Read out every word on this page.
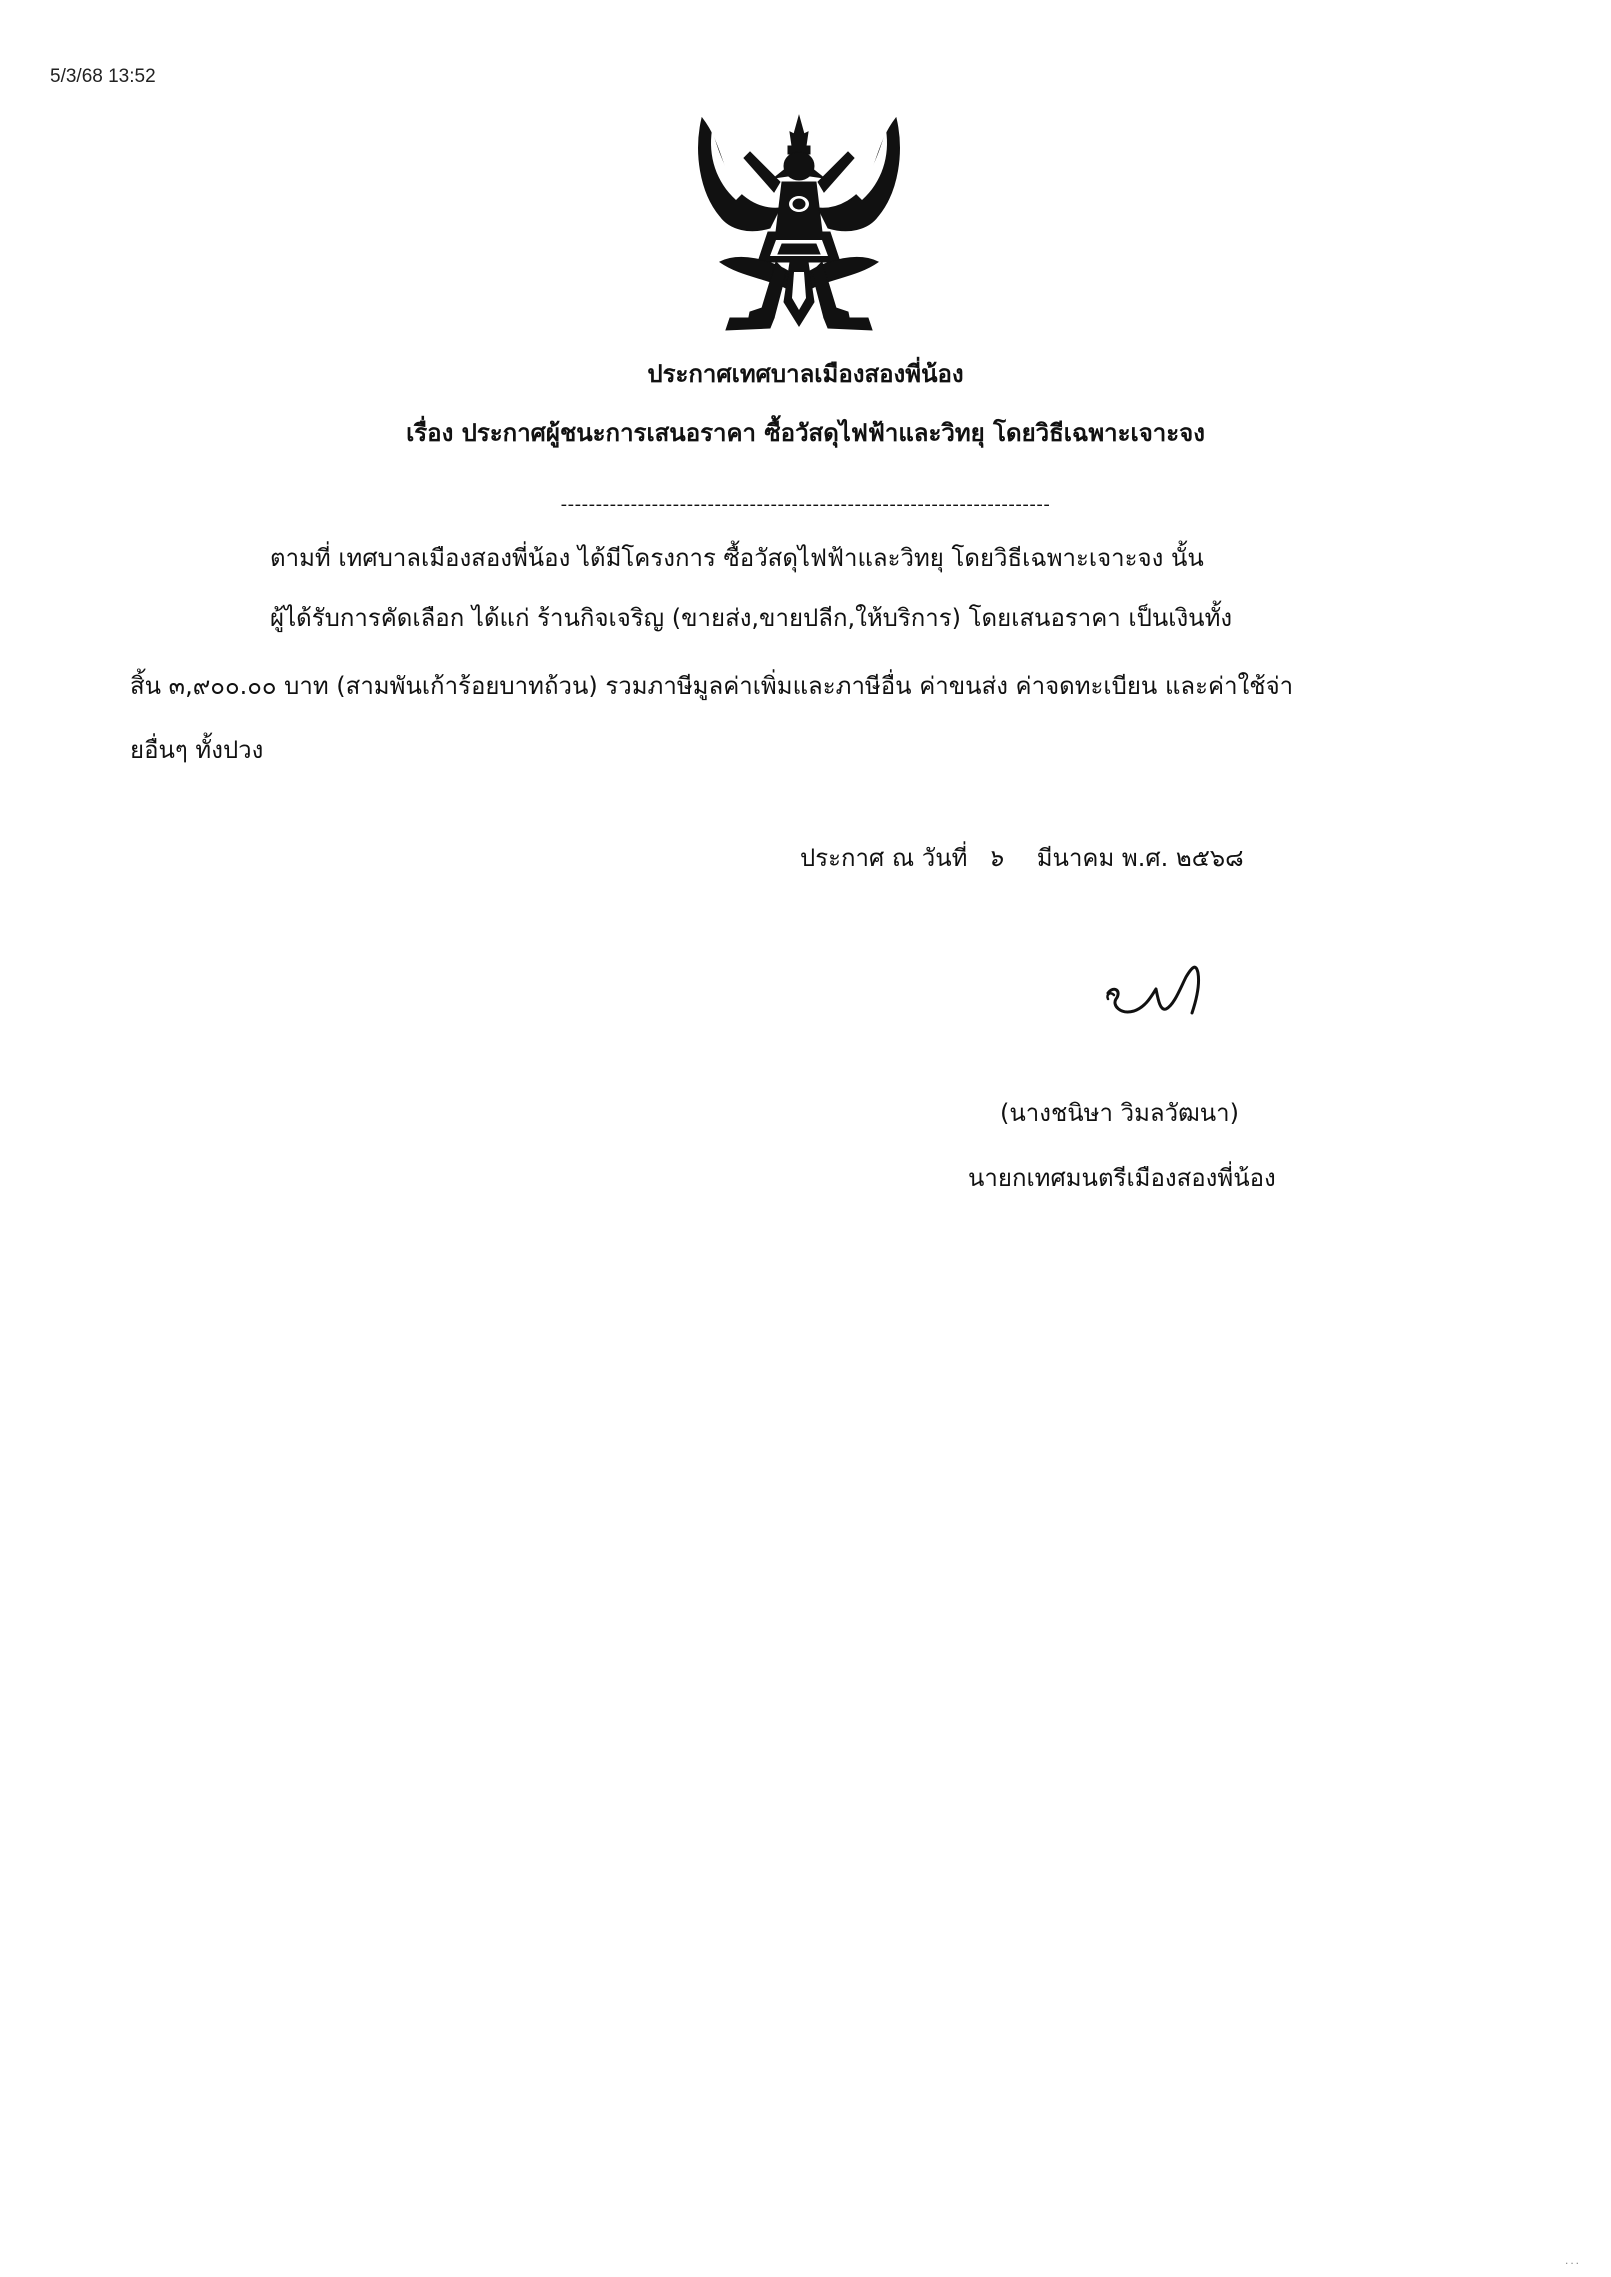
5/3/68 13:52
ประกาศเทศบาลเมืองสองพี่น้อง
เรื่อง ประกาศผู้ชนะการเสนอราคา ซื้อวัสดุไฟฟ้าและวิทยุ โดยวิธีเฉพาะเจาะจง
----------------------------------------------------------------------
ตามที่ เทศบาลเมืองสองพี่น้อง ได้มีโครงการ ซื้อวัสดุไฟฟ้าและวิทยุ โดยวิธีเฉพาะเจาะจง นั้น
ผู้ได้รับการคัดเลือก ได้แก่ ร้านกิจเจริญ (ขายส่ง,ขายปลีก,ให้บริการ) โดยเสนอราคา เป็นเงินทั้ง
สิ้น ๓,๙๐๐.๐๐ บาท (สามพันเก้าร้อยบาทถ้วน) รวมภาษีมูลค่าเพิ่มและภาษีอื่น ค่าขนส่ง ค่าจดทะเบียน และค่าใช้จ่า
ยอื่นๆ ทั้งปวง
ประกาศ ณ วันที่ ๖ มีนาคม พ.ศ. ๒๕๖๘
(นางชนิษา วิมลวัฒนา)
นายกเทศมนตรีเมืองสองพี่น้อง
...
